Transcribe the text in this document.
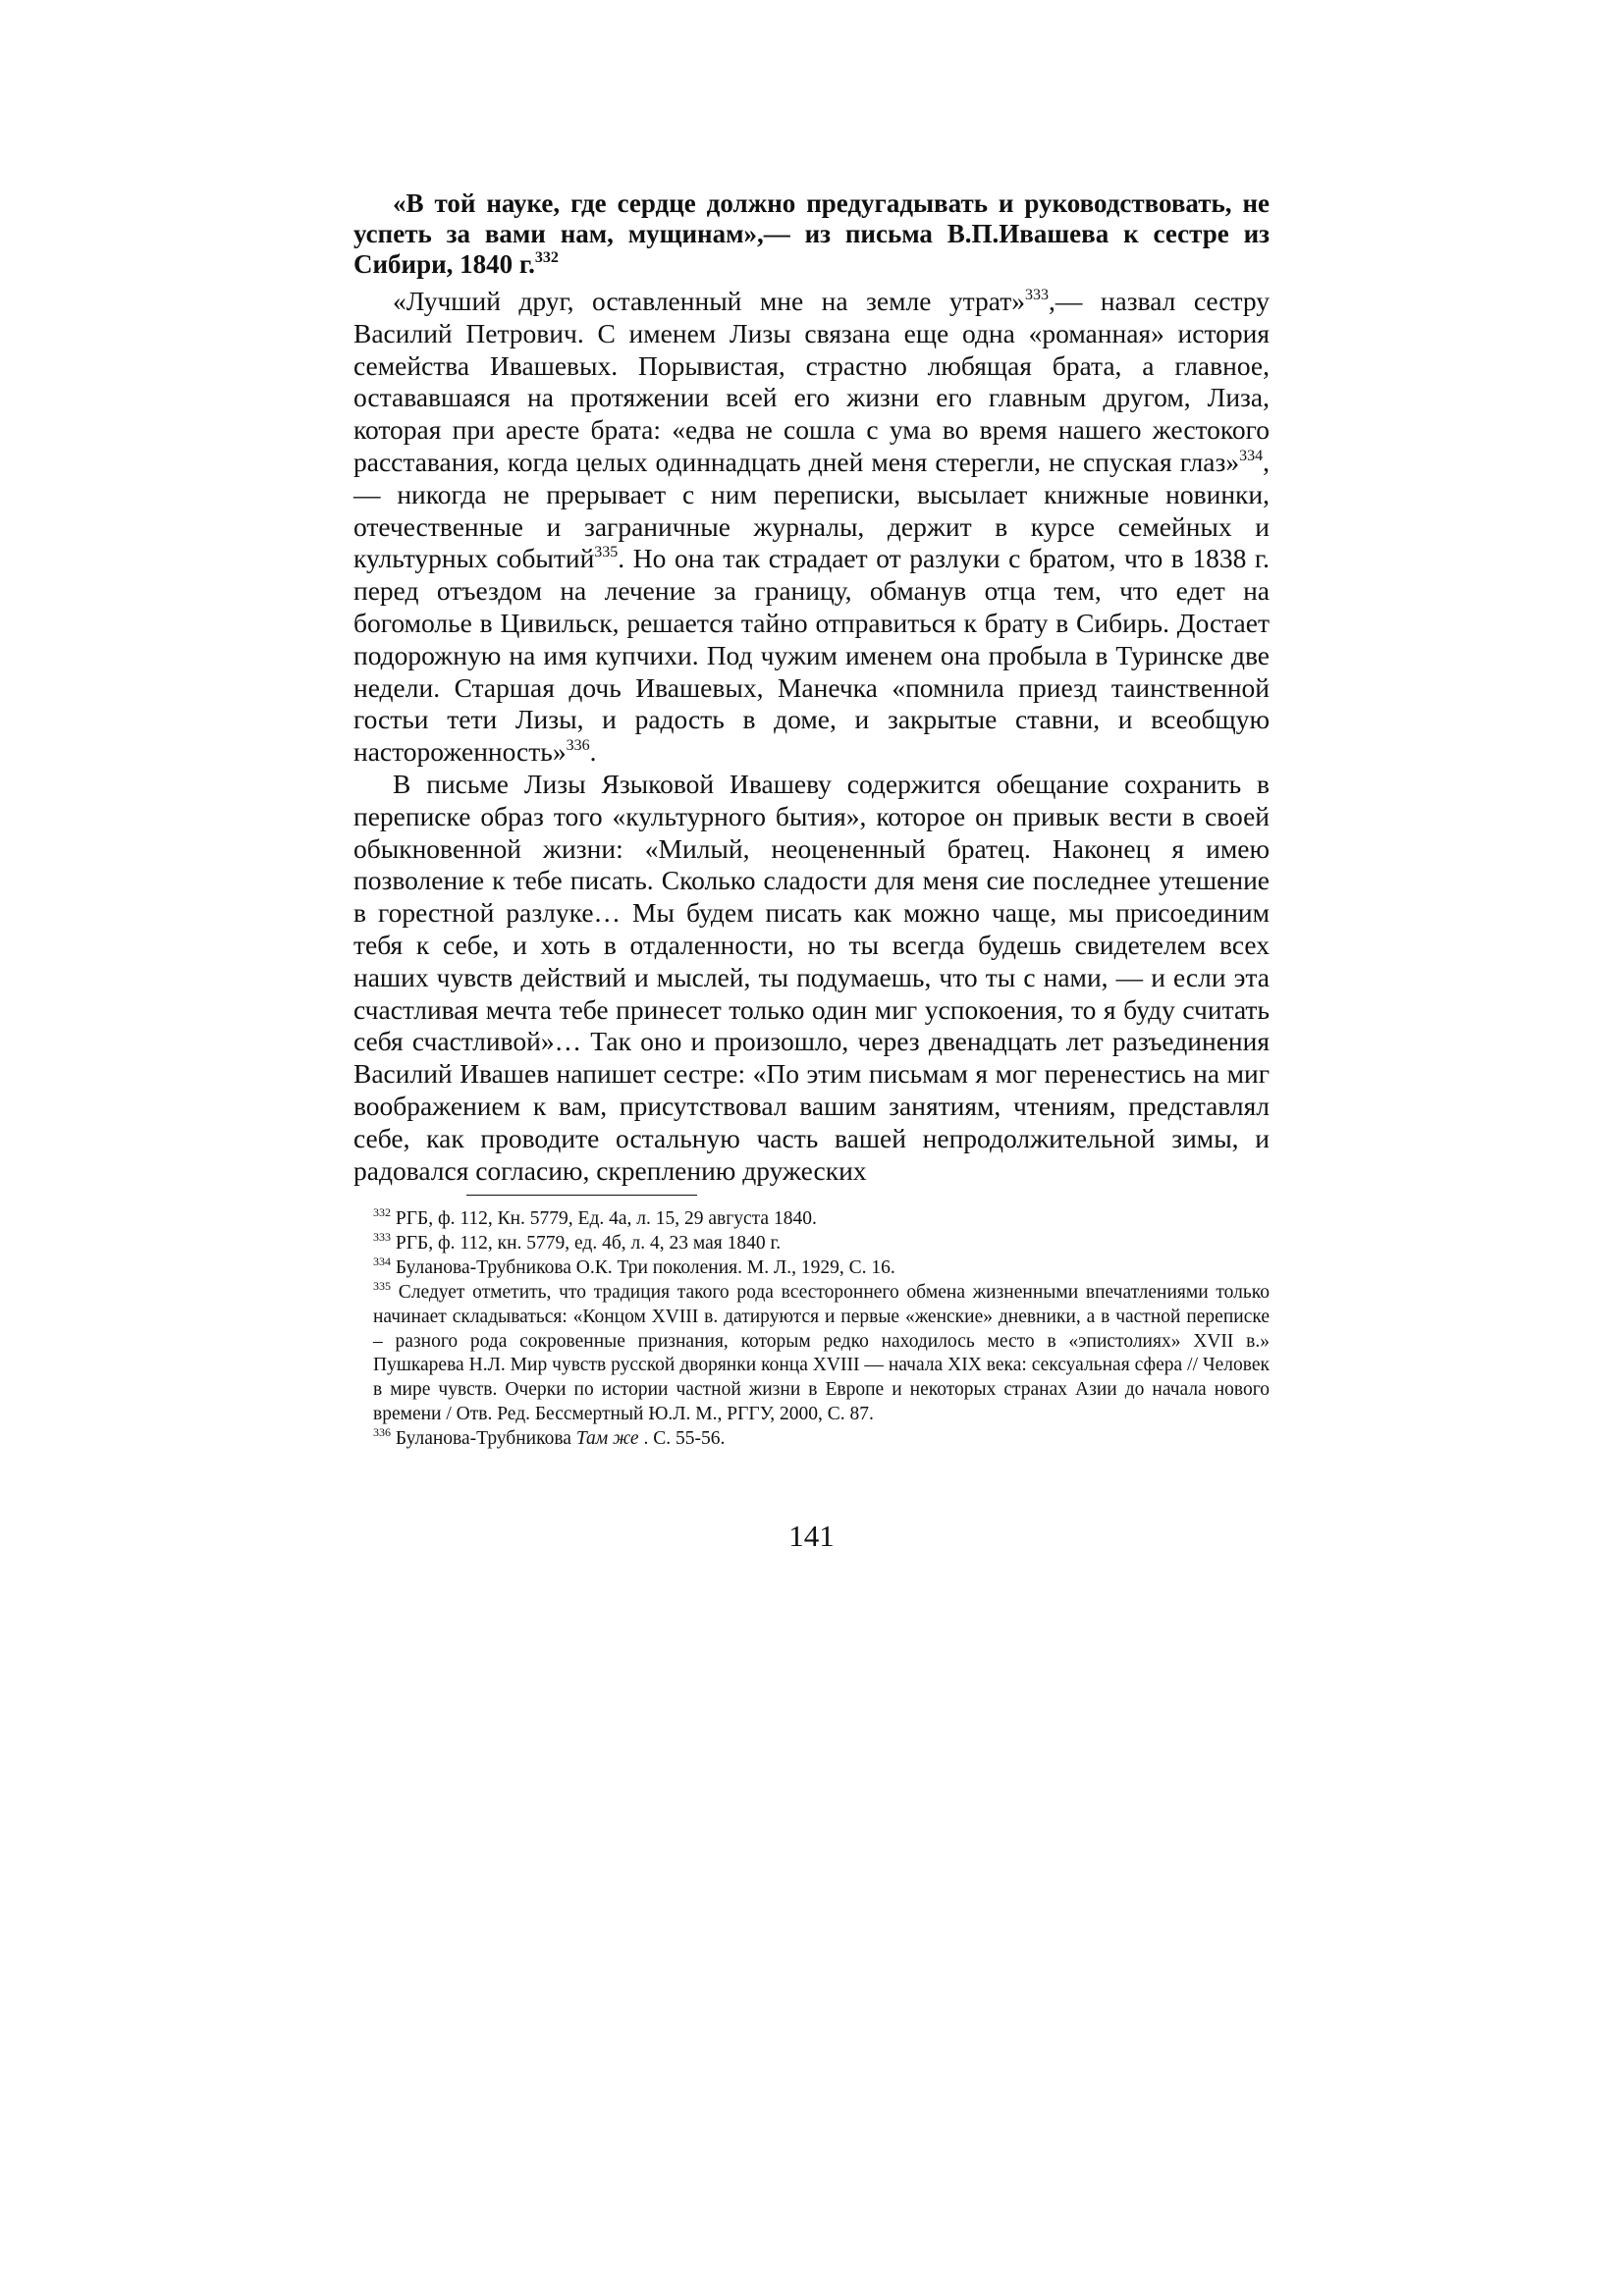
«В той науке, где сердце должно предугадывать и руководствовать, не успеть за вами нам, мущинам»,— из письма В.П.Ивашева к сестре из Сибири, 1840 г.$^{332}$

«Лучший друг, оставленный мне на земле утрат»$^{333}$,— назвал сестру Василий Петрович. С именем Лизы связана еще одна «романная» история семейства Ивашевых. Порывистая, страстно любящая брата, а главное, остававшаяся на протяжении всей его жизни его главным другом, Лиза, которая при аресте брата: «едва не сошла с ума во время нашего жестокого расставания, когда целых одиннадцать дней меня стерегли, не спуская глаз»$^{334}$,— никогда не прерывает с ним переписки, высылает книжные новинки, отечественные и заграничные журналы, держит в курсе семейных и культурных событий$^{335}$. Но она так страдает от разлуки с братом, что в 1838 г. перед отъездом на лечение за границу, обманув отца тем, что едет на богомолье в Цивильск, решается тайно отправиться к брату в Сибирь. Достает подорожную на имя купчихи. Под чужим именем она пробыла в Туринске две недели. Старшая дочь Ивашевых, Манечка «помнила приезд таинственной гостьи тети Лизы, и радость в доме, и закрытые ставни, и всеобщую настороженность»$^{336}$.

В письме Лизы Языковой Ивашеву содержится обещание сохранить в переписке образ того «культурного бытия», которое он привык вести в своей обыкновенной жизни: «Милый, неоцененный братец. Наконец я имею позволение к тебе писать. Сколько сладости для меня сие последнее утешение в горестной разлуке… Мы будем писать как можно чаще, мы присоединим тебя к себе, и хоть в отдаленности, но ты всегда будешь свидетелем всех наших чувств действий и мыслей, ты подумаешь, что ты с нами, — и если эта счастливая мечта тебе принесет только один миг успокоения, то я буду считать себя счастливой»… Так оно и произошло, через двенадцать лет разъединения Василий Ивашев напишет сестре: «По этим письмам я мог перенестись на миг воображением к вам, присутствовал вашим занятиям, чтениям, представлял себе, как проводите остальную часть вашей непродолжительной зимы, и радовался согласию, скреплению дружеских

$^{332}$ РГБ, ф. 112, Кн. 5779, Ед. 4а, л. 15, 29 августа 1840.

$^{333}$ РГБ, ф. 112, кн. 5779, ед. 4б, л. 4, 23 мая 1840 г.

$^{334}$ Буланова-Трубникова О.К. Три поколения. М. Л., 1929, С. 16.

$^{335}$ Следует отметить, что традиция такого рода всестороннего обмена жизненными впечатлениями только начинает складываться: «Концом XVIII в. датируются и первые «женские» дневники, а в частной переписке – разного рода сокровенные признания, которым редко находилось место в «эпистолиях» XVII в.» Пушкарева Н.Л. Мир чувств русской дворянки конца XVIII — начала XIX века: сексуальная сфера // Человек в мире чувств. Очерки по истории частной жизни в Европе и некоторых странах Азии до начала нового времени / Отв. Ред. Бессмертный Ю.Л. М., РГГУ, 2000, С. 87.

$^{336}$ Буланова-Трубникова Там же . С. 55-56.

141
